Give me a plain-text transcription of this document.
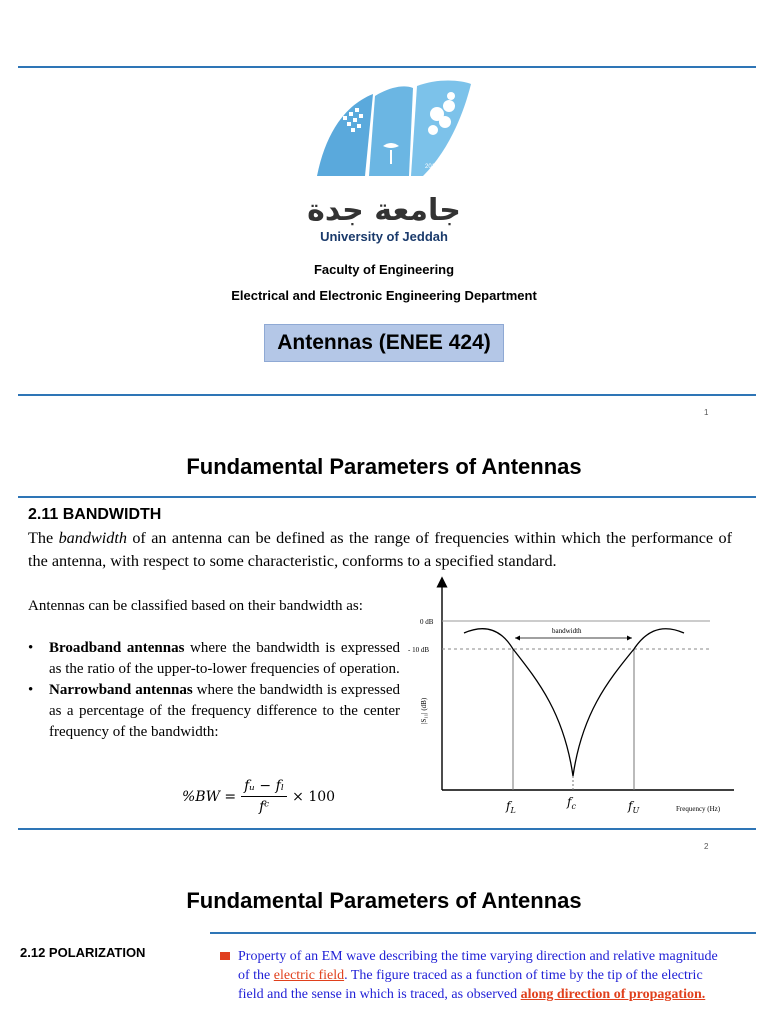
2014
جامعة جدة
University of Jeddah
Faculty of Engineering
Electrical and Electronic Engineering Department
Antennas (ENEE 424)
1
Fundamental Parameters of Antennas
2.11 BANDWIDTH
The bandwidth of an antenna can be defined as the range of frequencies within which the performance of the antenna, with respect to some characteristic, conforms to a specified standard.
Antennas can be classified based on their bandwidth as:
• Broadband antennas where the bandwidth is expressed as the ratio of the upper-to-lower frequencies of operation.
• Narrowband antennas where the bandwidth is expressed as a percentage of the frequency difference to the center frequency of the bandwidth:
$\%BW = \frac{\text{fᵤ − fₗ}}{\text{fᶜ}} \times 100$
0 dB
- 10 dB
|S₁₁| (dB)
bandwidth
$f_L$
$f_c$	$f_U$	Frequency (Hz)
2
Fundamental Parameters of Antennas
2.12 POLARIZATION	Property of an EM wave describing the time varying direction and relative magnitude of the electric field. The figure traced as a function of time by the tip of the electric field and the sense in which is traced, as observed along direction of propagation.
